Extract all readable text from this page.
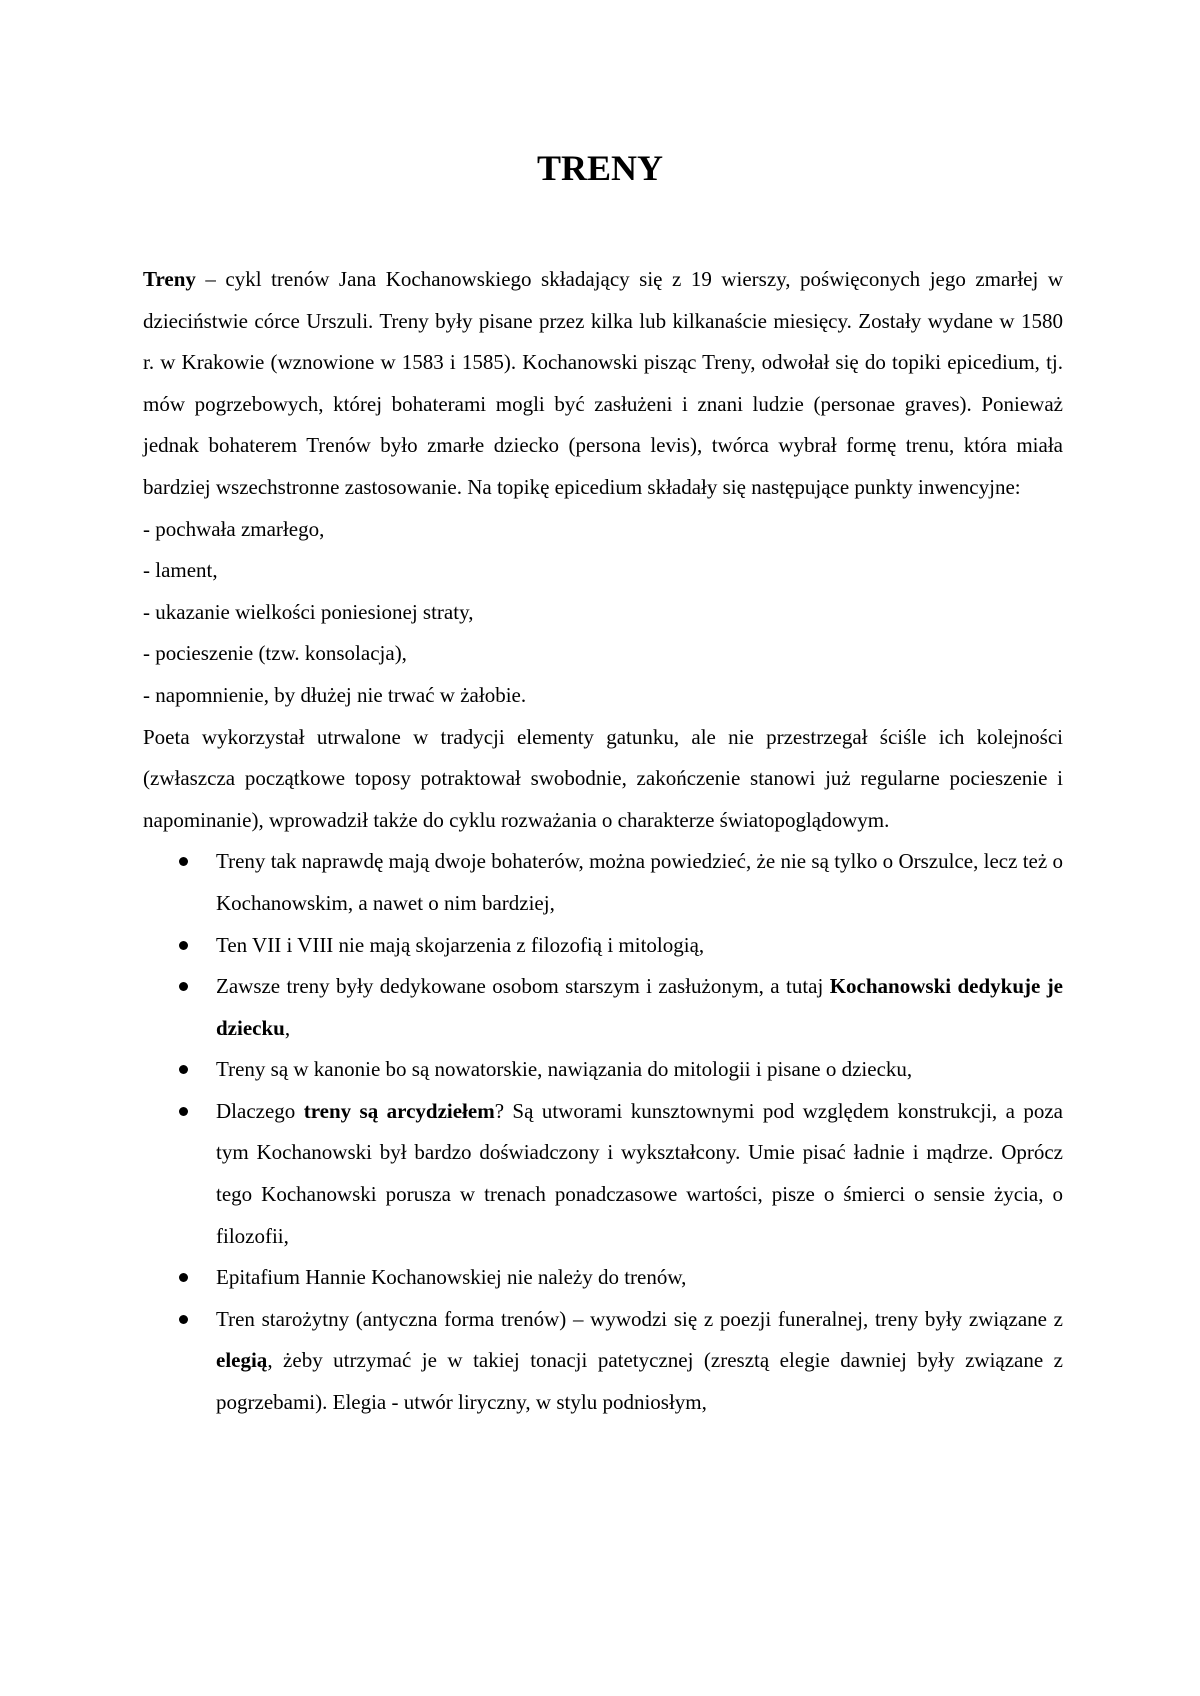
TRENY

Treny – cykl trenów Jana Kochanowskiego składający się z 19 wierszy, poświęconych jego zmarłej w dzieciństwie córce Urszuli. Treny były pisane przez kilka lub kilkanaście miesięcy. Zostały wydane w 1580 r. w Krakowie (wznowione w 1583 i 1585). Kochanowski pisząc Treny, odwołał się do topiki epicedium, tj. mów pogrzebowych, której bohaterami mogli być zasłużeni i znani ludzie (personae graves). Ponieważ jednak bohaterem Trenów było zmarłe dziecko (persona levis), twórca wybrał formę trenu, która miała bardziej wszechstronne zastosowanie. Na topikę epicedium składały się następujące punkty inwencyjne:

- pochwała zmarłego,

- lament,

- ukazanie wielkości poniesionej straty,

- pocieszenie (tzw. konsolacja),

- napomnienie, by dłużej nie trwać w żałobie.

Poeta wykorzystał utrwalone w tradycji elementy gatunku, ale nie przestrzegał ściśle ich kolejności (zwłaszcza początkowe toposy potraktował swobodnie, zakończenie stanowi już regularne pocieszenie i napominanie), wprowadził także do cyklu rozważania o charakterze światopoglądowym.

Treny tak naprawdę mają dwoje bohaterów, można powiedzieć, że nie są tylko o Orszulce, lecz też o Kochanowskim, a nawet o nim bardziej,
Ten VII i VIII nie mają skojarzenia z filozofią i mitologią,
Zawsze treny były dedykowane osobom starszym i zasłużonym, a tutaj Kochanowski dedykuje je dziecku,
Treny są w kanonie bo są nowatorskie, nawiązania do mitologii i pisane o dziecku,
Dlaczego treny są arcydziełem? Są utworami kunsztownymi pod względem konstrukcji, a poza tym Kochanowski był bardzo doświadczony i wykształcony. Umie pisać ładnie i mądrze. Oprócz tego Kochanowski porusza w trenach ponadczasowe wartości, pisze o śmierci o sensie życia, o filozofii,
Epitafium Hannie Kochanowskiej nie należy do trenów,
Tren starożytny (antyczna forma trenów) – wywodzi się z poezji funeralnej, treny były związane z elegią, żeby utrzymać je w takiej tonacji patetycznej (zresztą elegie dawniej były związane z pogrzebami). Elegia - utwór liryczny, w stylu podniosłym,
